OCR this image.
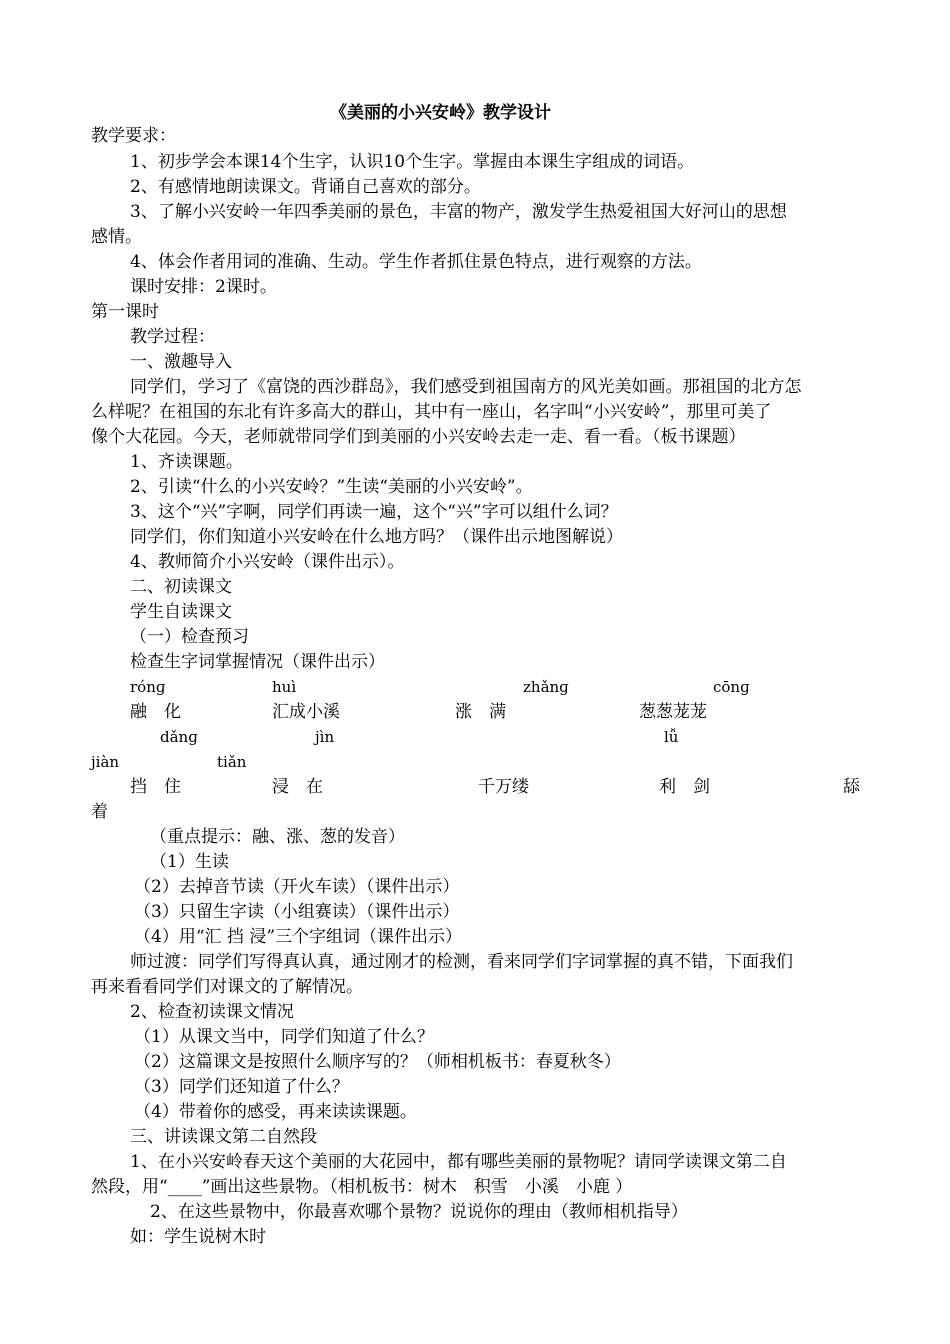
《美丽的小兴安岭》教学设计

教学要求：

1、初步学会本课14个生字，认识10个生字。掌握由本课生字组成的词语。

2、有感情地朗读课文。背诵自己喜欢的部分。

3、了解小兴安岭一年四季美丽的景色，丰富的物产，激发学生热爱祖国大好河山的思想

感情。

4、体会作者用词的准确、生动。学生作者抓住景色特点，进行观察的方法。

课时安排：2课时。

第一课时

教学过程：

一、激趣导入

同学们，学习了《富饶的西沙群岛》，我们感受到祖国南方的风光美如画。那祖国的北方怎

么样呢？在祖国的东北有许多高大的群山，其中有一座山，名字叫“小兴安岭”，那里可美了

像个大花园。今天，老师就带同学们到美丽的小兴安岭去走一走、看一看。（板书课题）

1、齐读课题。

2、引读“什么的小兴安岭？”生读“美丽的小兴安岭”。

3、这个“兴”字啊，同学们再读一遍，这个“兴”字可以组什么词？

同学们，你们知道小兴安岭在什么地方吗？（课件出示地图解说）

4、教师简介小兴安岭（课件出示）。

二、初读课文

学生自读课文

（一）检查预习

检查生字词掌握情况（课件出示）

rónɡ	huì	zhǎnɡ	cōnɡ

融　化	汇成小溪	涨　满	葱葱茏茏

dǎnɡ	jìn	lǚ

jiàn	tiǎn

挡　住	浸　在	千万缕	利　剑	舔

着

（重点提示：融、涨、葱的发音）

（1）生读

（2）去掉音节读（开火车读）（课件出示）

（3）只留生字读（小组赛读）（课件出示）

（4）用“汇 挡 浸”三个字组词（课件出示）

师过渡：同学们写得真认真，通过刚才的检测，看来同学们字词掌握的真不错，下面我们

再来看看同学们对课文的了解情况。

2、检查初读课文情况

（1）从课文当中，同学们知道了什么？

（2）这篇课文是按照什么顺序写的？（师相机板书：春夏秋冬）

（3）同学们还知道了什么？

（4）带着你的感受，再来读读课题。

三、讲读课文第二自然段

1、在小兴安岭春天这个美丽的大花园中，都有哪些美丽的景物呢？请同学读课文第二自

然段，用“____”画出这些景物。（相机板书：树木　积雪　小溪　小鹿 ）

2、在这些景物中，你最喜欢哪个景物？说说你的理由（教师相机指导）

如：学生说树木时
